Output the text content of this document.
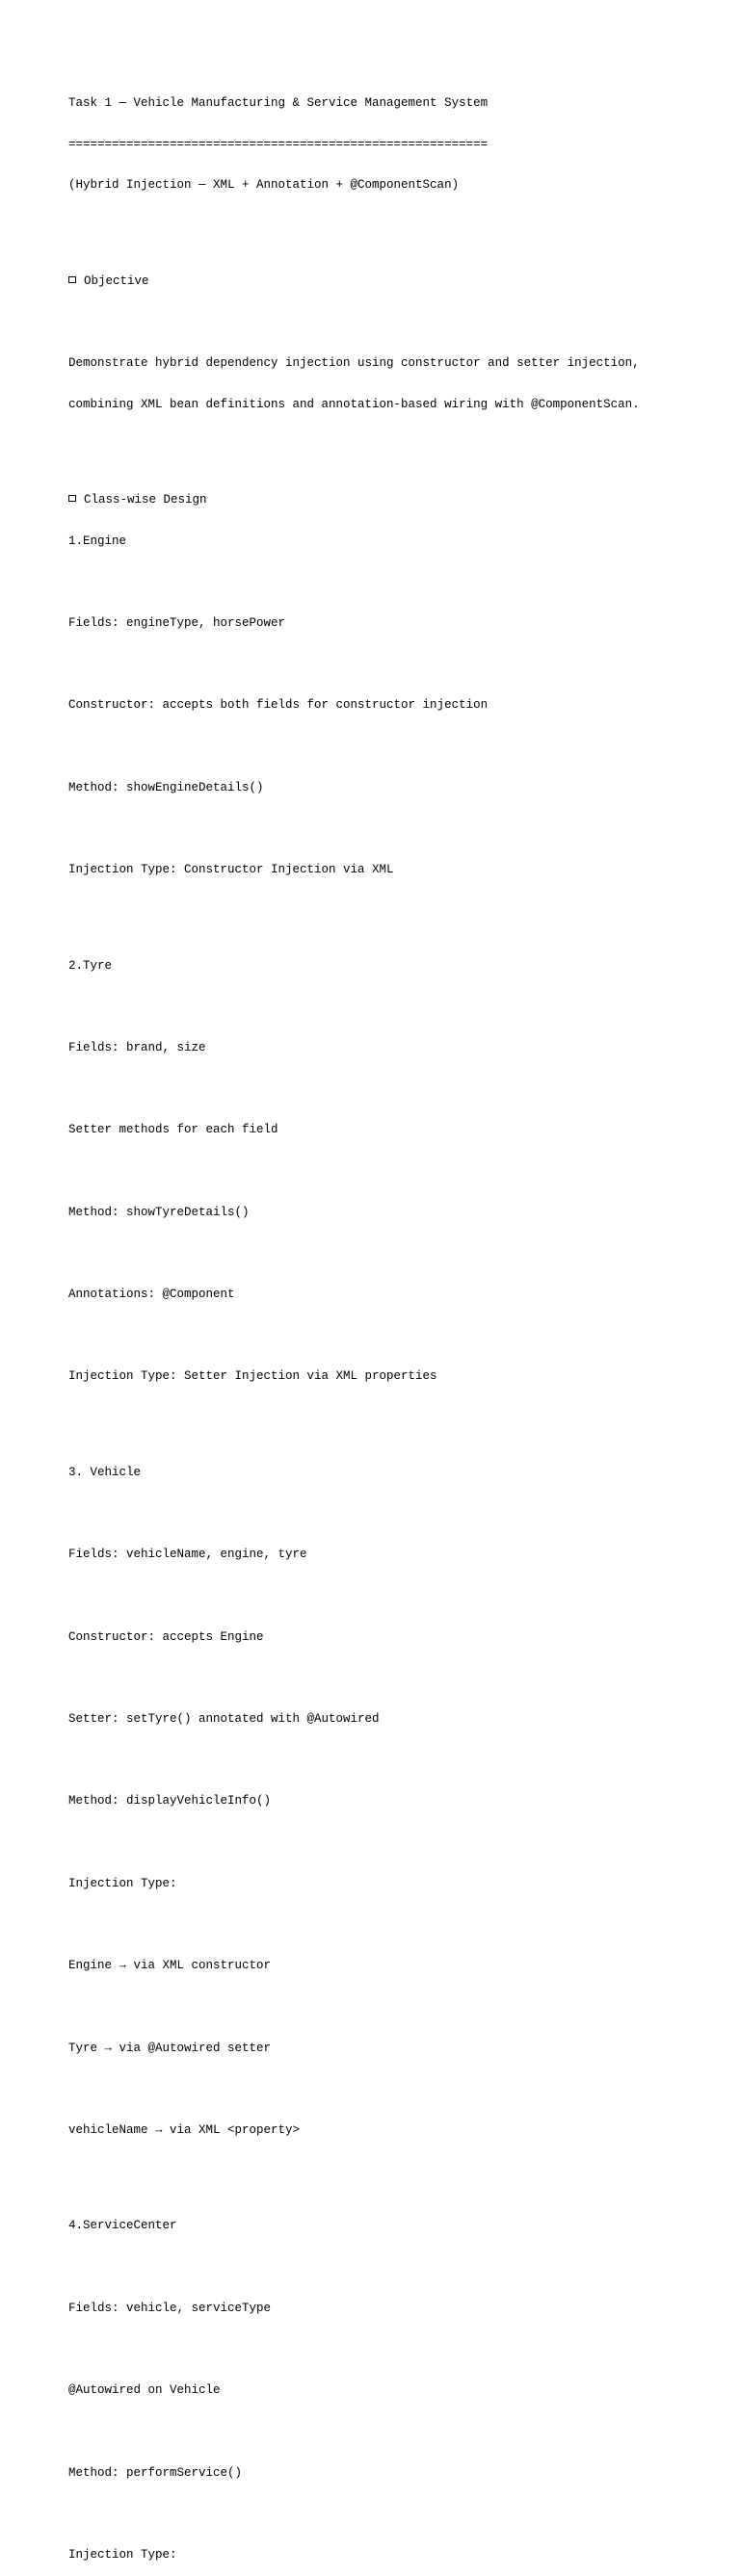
Task 1 — Vehicle Manufacturing & Service Management System

==========================================================

(Hybrid Injection — XML + Annotation + @ComponentScan)

Objective

Demonstrate hybrid dependency injection using constructor and setter injection,

combining XML bean definitions and annotation-based wiring with @ComponentScan.

Class-wise Design

1.Engine

Fields: engineType, horsePower

Constructor: accepts both fields for constructor injection

Method: showEngineDetails()

Injection Type: Constructor Injection via XML

2.Tyre

Fields: brand, size

Setter methods for each field

Method: showTyreDetails()

Annotations: @Component

Injection Type: Setter Injection via XML properties

3. Vehicle

Fields: vehicleName, engine, tyre

Constructor: accepts Engine

Setter: setTyre() annotated with @Autowired

Method: displayVehicleInfo()

Injection Type:

Engine → via XML constructor

Tyre → via @Autowired setter

vehicleName → via XML <property>

4.ServiceCenter

Fields: vehicle, serviceType

@Autowired on Vehicle

Method: performService()

Injection Type:
